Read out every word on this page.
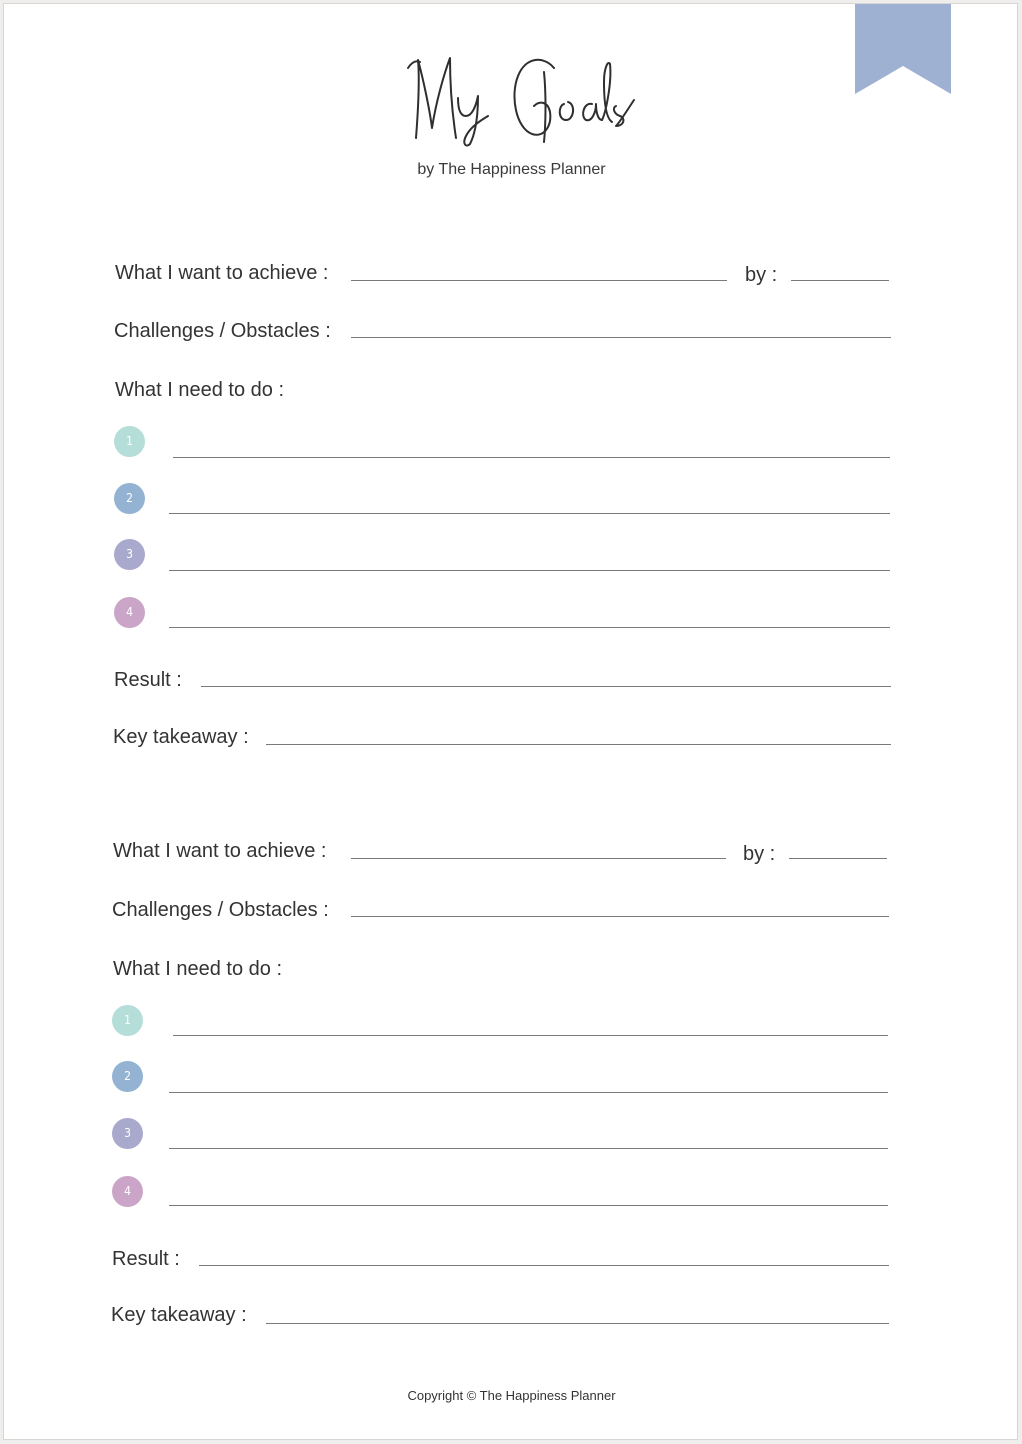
by The Happiness Planner
What I want to achieve :	by :
Challenges / Obstacles :
What I need to do :
1
2
3
4
Result :
Key takeaway :
What I want to achieve :	by :
Challenges / Obstacles :
What I need to do :
1
2
3
4
Result :
Key takeaway :
Copyright © The Happiness Planner
